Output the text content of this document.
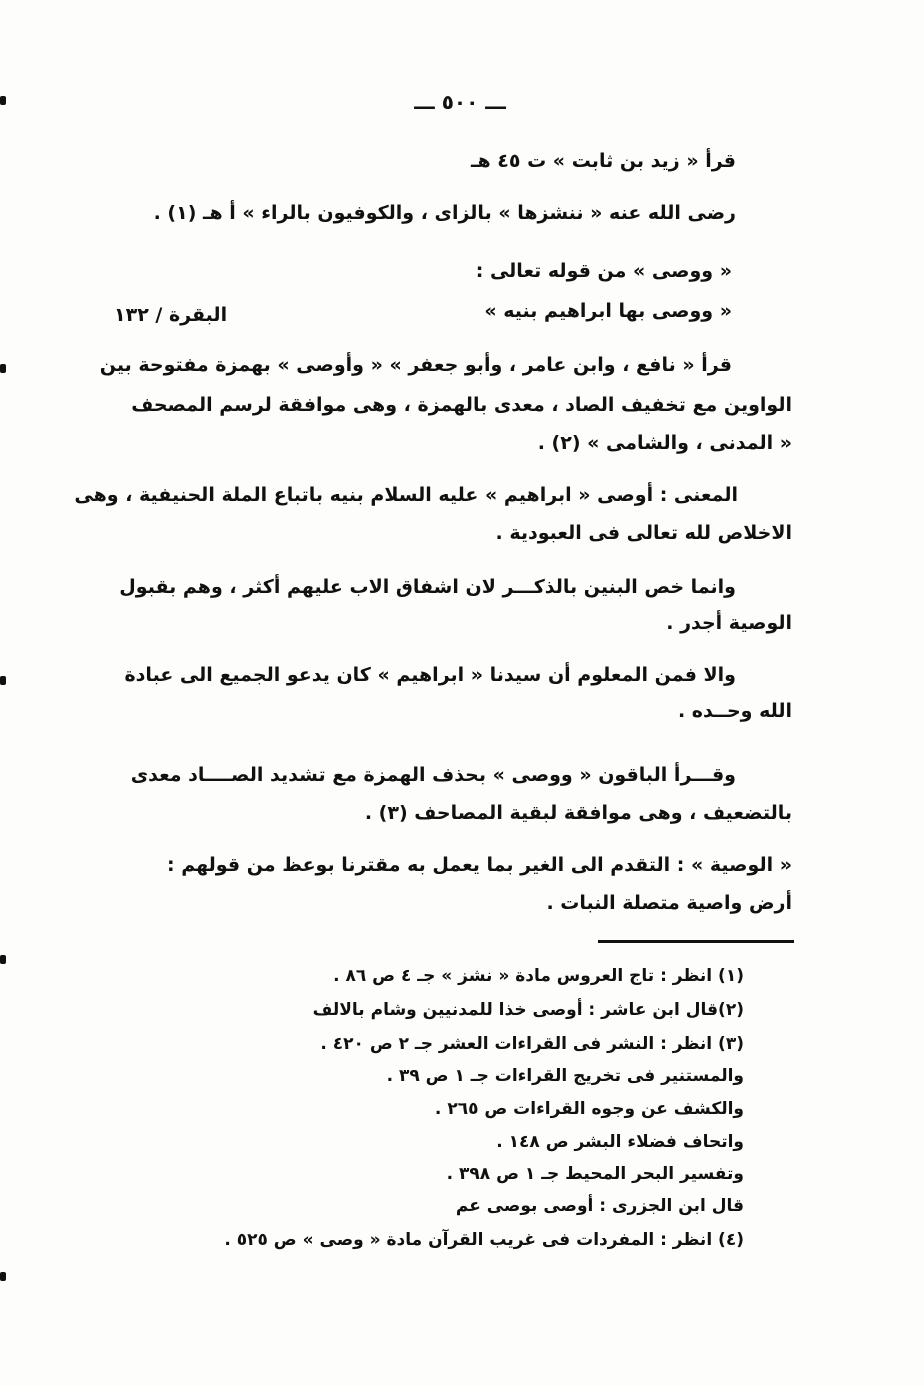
ـــ ٥٠٠ ـــ
قرأ « زيد بن ثابت » ت ٤٥ هـ
رضى الله عنه « ننشزها » بالزاى ، والكوفيون بالراء » أ هـ (١) .
« ووصى » من قوله تعالى :
« ووصى بها ابراهيم بنيه »
البقرة / ١٣٢
قرأ « نافع ، وابن عامر ، وأبو جعفر » « وأوصى » بهمزة مفتوحة بين
الواوين مع تخفيف الصاد ، معدى بالهمزة ، وهى موافقة لرسم المصحف
« المدنى ، والشامى » (٢) .
المعنى : أوصى « ابراهيم » عليه السلام بنيه باتباع الملة الحنيفية ، وهى
الاخلاص لله تعالى فى العبودية .
وانما خص البنين بالذكـــر لان اشفاق الاب عليهم أكثر ، وهم بقبول
الوصية أجدر .
والا فمن المعلوم أن سيدنا « ابراهيم » كان يدعو الجميع الى عبادة
الله وحــده .
وقـــرأ الباقون « ووصى » بحذف الهمزة مع تشديد الصــــاد معدى
بالتضعيف ، وهى موافقة لبقية المصاحف (٣) .
« الوصية » : التقدم الى الغير بما يعمل به مقترنا بوعظ من قولهم :
أرض واصية متصلة النبات .
(١) انظر : تاج العروس مادة « نشز » جـ ٤ ص ٨٦ .
(٢)قال ابن عاشر : أوصى خذا للمدنيين وشام بالالف
(٣) انظر : النشر فى القراءات العشر جـ ٢ ص ٤٢٠ .
والمستنير فى تخريج القراءات جـ ١ ص ٣٩ .
والكشف عن وجوه القراءات ص ٢٦٥ .
واتحاف فضلاء البشر ص ١٤٨ .
وتفسير البحر المحيط جـ ١ ص ٣٩٨ .
قال ابن الجزرى : أوصى بوصى عم
(٤) انظر : المفردات فى غريب القرآن مادة « وصى » ص ٥٢٥ .
